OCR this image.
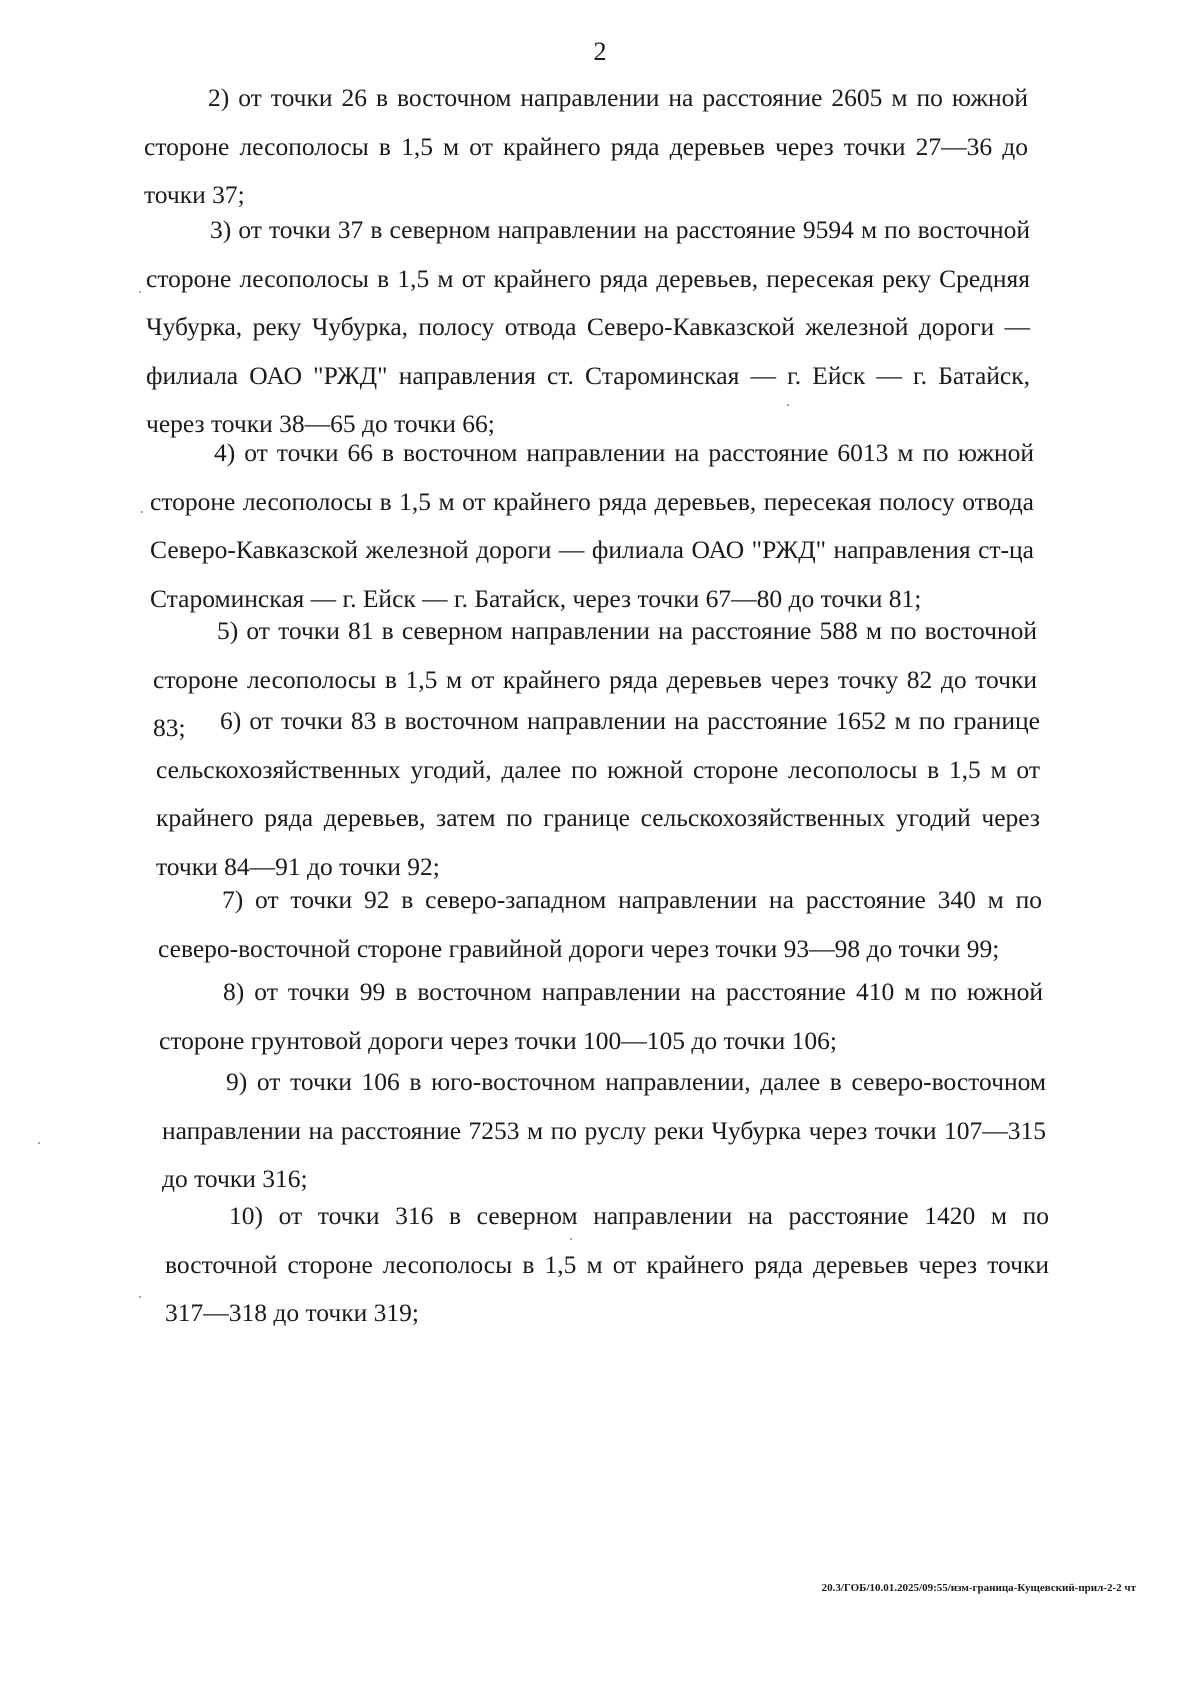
2

2) от точки 26 в восточном направлении на расстояние 2605 м по южной стороне лесополосы в 1,5 м от крайнего ряда деревьев через точки 27—36 до точки 37;

3) от точки 37 в северном направлении на расстояние 9594 м по восточной стороне лесополосы в 1,5 м от крайнего ряда деревьев, пересекая реку Средняя Чубурка, реку Чубурка, полосу отвода Северо-Кавказской железной дороги — филиала ОАО "РЖД" направления ст. Староминская — г. Ейск — г. Батайск, через точки 38—65 до точки 66;

4) от точки 66 в восточном направлении на расстояние 6013 м по южной стороне лесополосы в 1,5 м от крайнего ряда деревьев, пересекая полосу отвода Северо-Кавказской железной дороги — филиала ОАО "РЖД" направления ст-ца Староминская — г. Ейск — г. Батайск, через точки 67—80 до точки 81;

5) от точки 81 в северном направлении на расстояние 588 м по восточной стороне лесополосы в 1,5 м от крайнего ряда деревьев через точку 82 до точки 83;	6) от точки 83 в восточном направлении на расстояние 1652 м по границе сельскохозяйственных угодий, далее по южной стороне лесополосы в 1,5 м от крайнего ряда деревьев, затем по границе сельскохозяйственных угодий через точки 84—91 до точки 92;

7) от точки 92 в северо-западном направлении на расстояние 340 м по северо-восточной стороне гравийной дороги через точки 93—98 до точки 99;

8) от точки 99 в восточном направлении на расстояние 410 м по южной стороне грунтовой дороги через точки 100—105 до точки 106;

9) от точки 106 в юго-восточном направлении, далее в северо-восточном направлении на расстояние 7253 м по руслу реки Чубурка через точки 107—315 до точки 316;

10) от точки 316 в северном направлении на расстояние 1420 м по восточной стороне лесополосы в 1,5 м от крайнего ряда деревьев через точки 317—318 до точки 319;

20.3/ГОБ/10.01.2025/09:55/изм-граница-Кущевский-прил-2-2 чт
